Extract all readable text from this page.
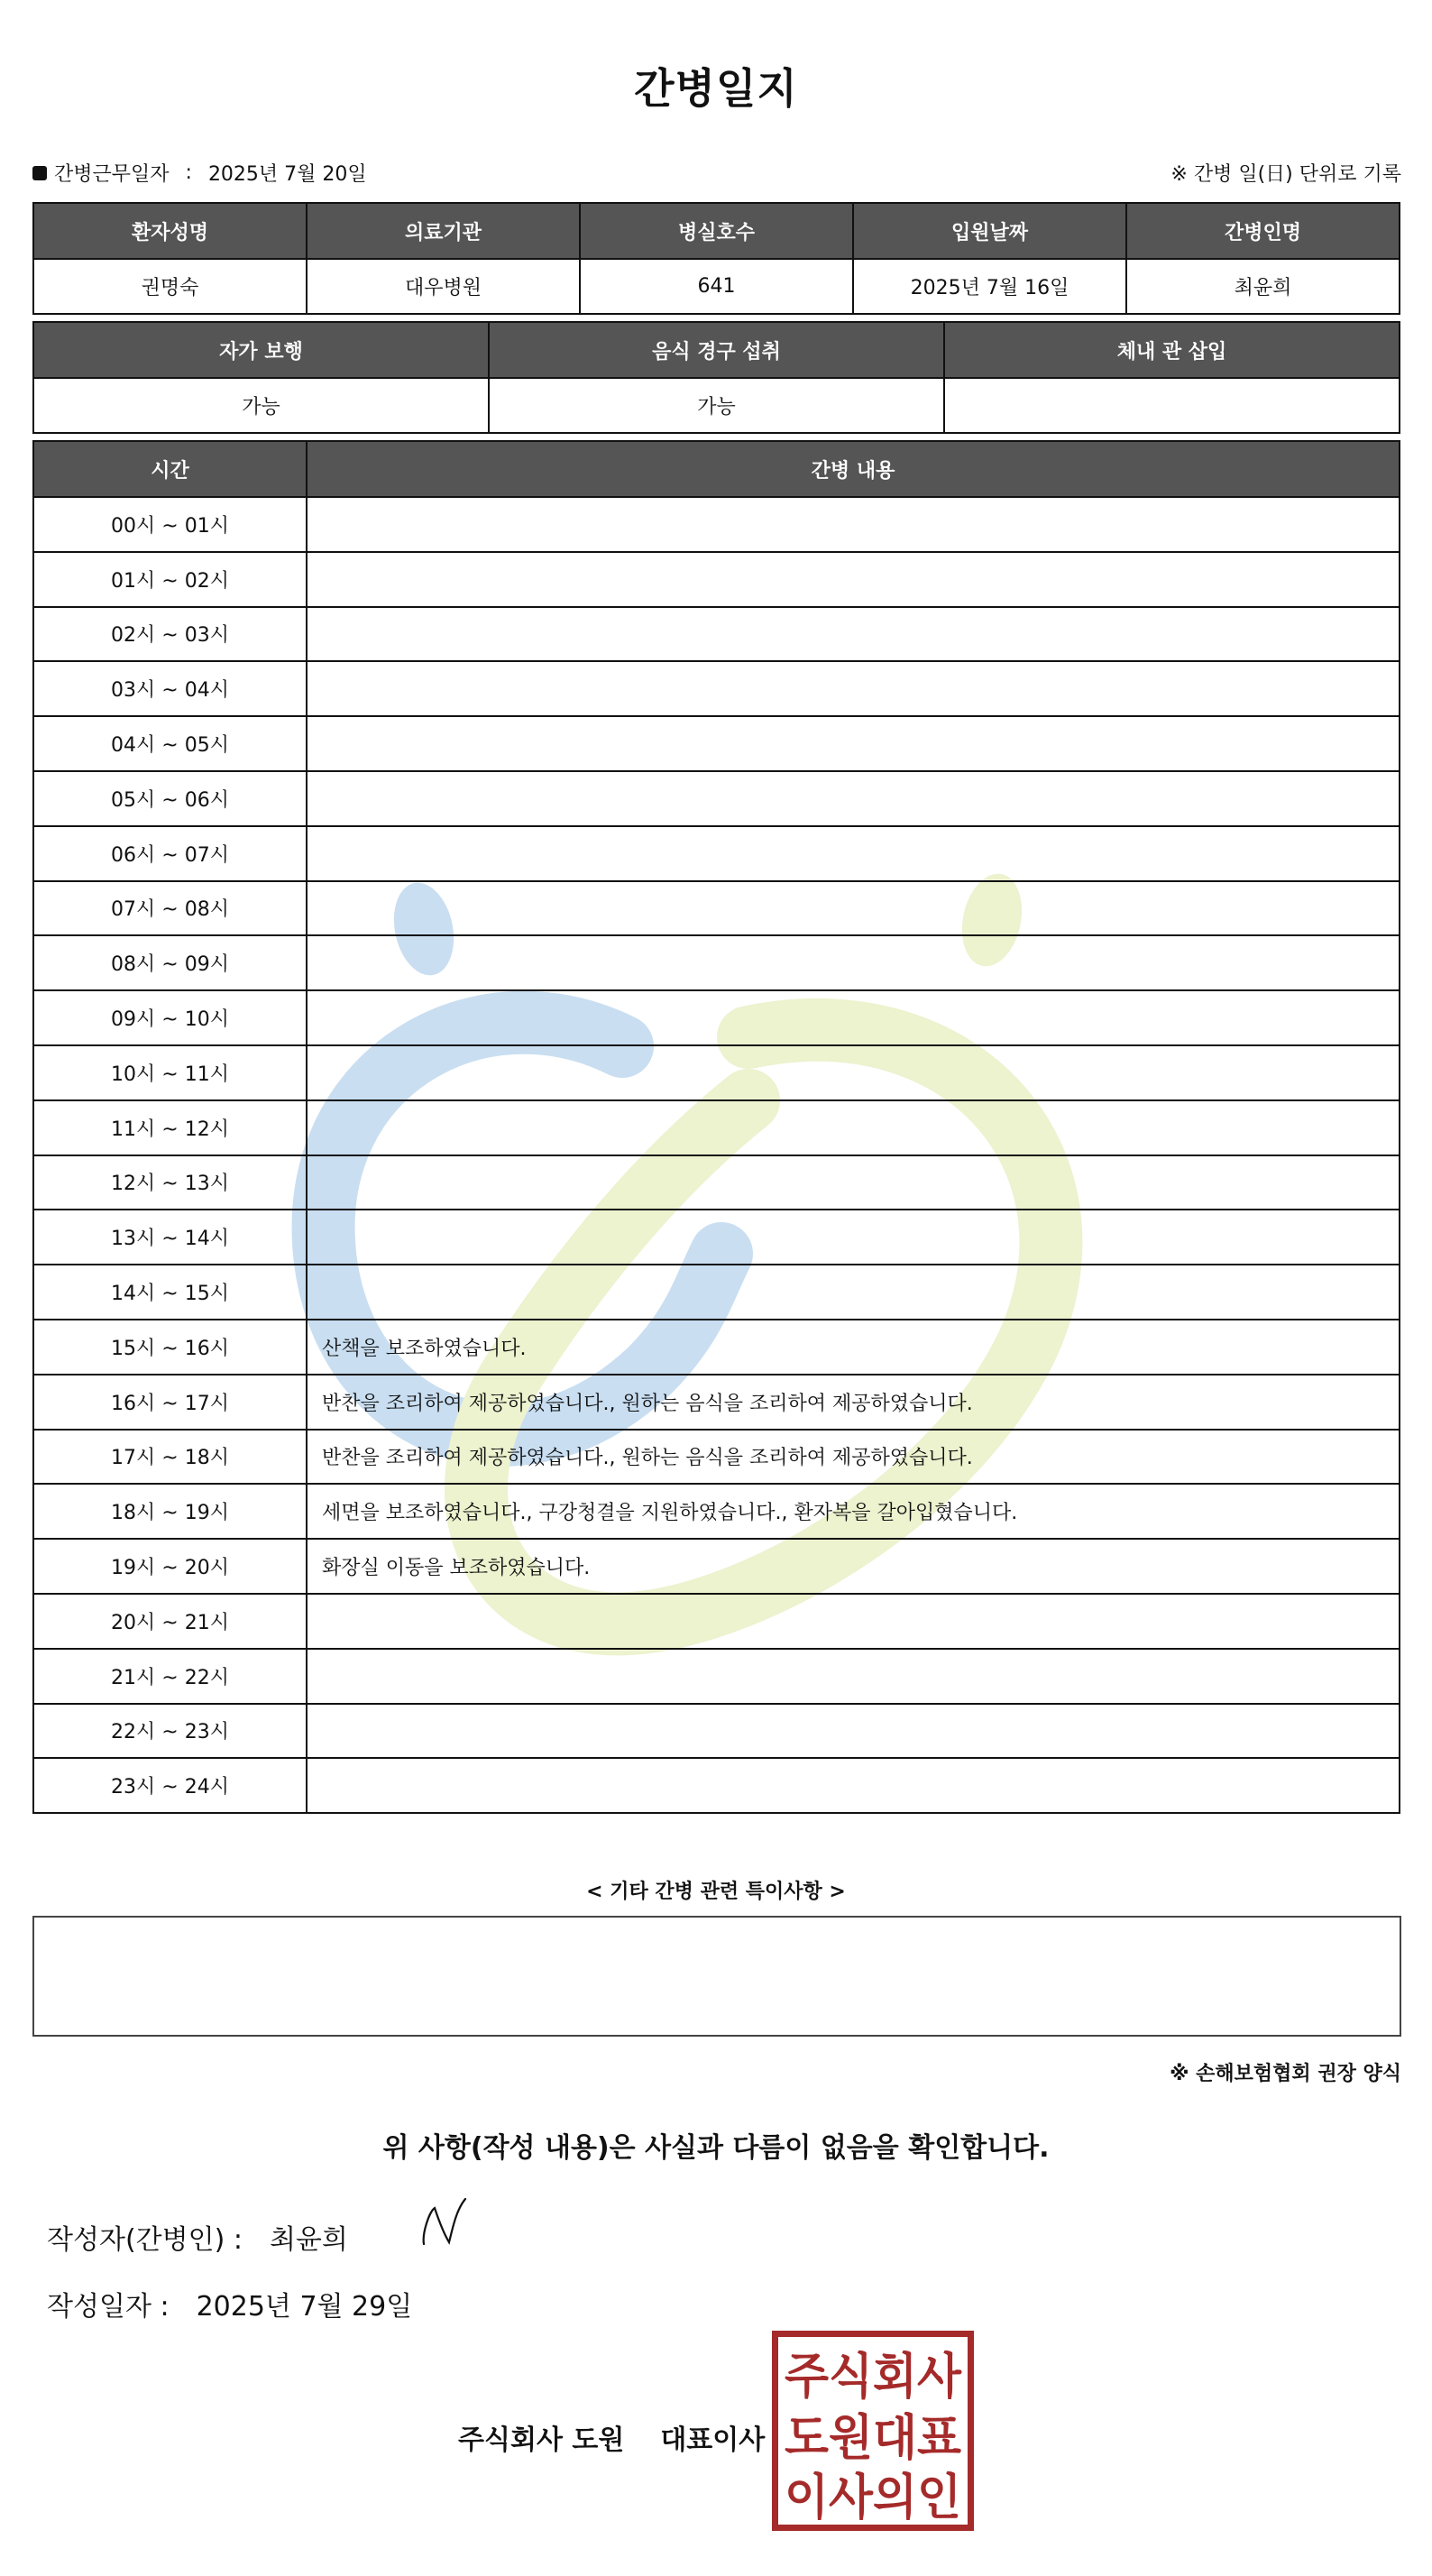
간병일지
간병근무일자 : 2025년 7월 20일	※ 간병 일(日) 단위로 기록
환자성명	의료기관	병실호수	입원날짜	간병인명
권명숙	대우병원	641	2025년 7월 16일	최윤희
자가 보행	음식 경구 섭취	체내 관 삽입
가능	가능	
시간	간병 내용
00시 ~ 01시	
01시 ~ 02시	
02시 ~ 03시	
03시 ~ 04시	
04시 ~ 05시	
05시 ~ 06시	
06시 ~ 07시	
07시 ~ 08시	
08시 ~ 09시	
09시 ~ 10시	
10시 ~ 11시	
11시 ~ 12시	
12시 ~ 13시	
13시 ~ 14시	
14시 ~ 15시	
15시 ~ 16시	산책을 보조하였습니다.
16시 ~ 17시	반찬을 조리하여 제공하였습니다., 원하는 음식을 조리하여 제공하였습니다.
17시 ~ 18시	반찬을 조리하여 제공하였습니다., 원하는 음식을 조리하여 제공하였습니다.
18시 ~ 19시	세면을 보조하였습니다., 구강청결을 지원하였습니다., 환자복을 갈아입혔습니다.
19시 ~ 20시	화장실 이동을 보조하였습니다.
20시 ~ 21시	
21시 ~ 22시	
22시 ~ 23시	
23시 ~ 24시	
< 기타 간병 관련 특이사항 >
※ 손해보험협회 권장 양식
위 사항(작성 내용)은 사실과 다름이 없음을 확인합니다.
작성자(간병인) : 최윤희
작성일자 : 2025년 7월 29일
주식회사 도원 대표이사
주식회사
도원대표
이사의인
